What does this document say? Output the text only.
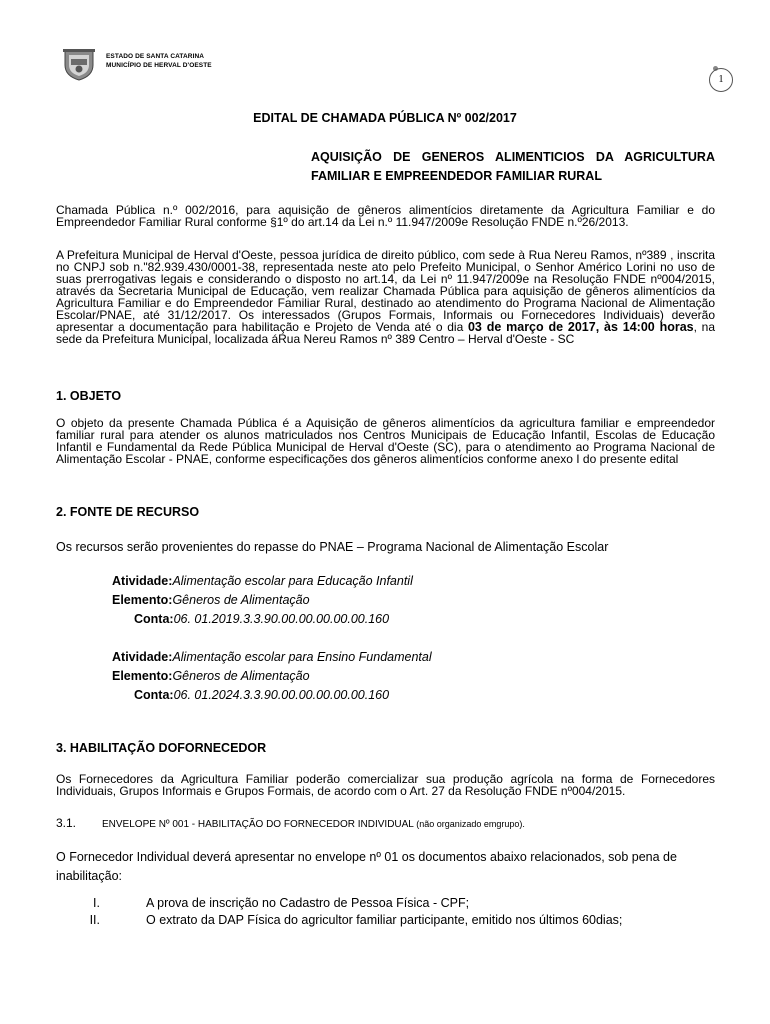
ESTADO DE SANTA CATARINA
MUNICÍPIO DE HERVAL D'OESTE
1
EDITAL DE CHAMADA PÚBLICA Nº 002/2017
AQUISIÇÃO DE GENEROS ALIMENTICIOS DA AGRICULTURA FAMILIAR E EMPREENDEDOR FAMILIAR RURAL
Chamada Pública n.º 002/2016, para aquisição de gêneros alimentícios diretamente da Agricultura Familiar e do Empreendedor Familiar Rural conforme §1º do art.14 da Lei n.º 11.947/2009e Resolução FNDE n.º26/2013.
A Prefeitura Municipal de Herval d'Oeste, pessoa jurídica de direito público, com sede à Rua Nereu Ramos, nº389 , inscrita no CNPJ sob n."82.939.430/0001-38, representada neste ato pelo Prefeito Municipal, o Senhor Américo Lorini no uso de suas prerrogativas legais e considerando o disposto no art.14, da Lei nº 11.947/2009e na Resolução FNDE nº004/2015, através da Secretaria Municipal de Educação, vem realizar Chamada Pública para aquisição de gêneros alimentícios da Agricultura Familiar e do Empreendedor Familiar Rural, destinado ao atendimento do Programa Nacional de Alimentação Escolar/PNAE, até 31/12/2017. Os interessados (Grupos Formais, Informais ou Fornecedores Individuais) deverão apresentar a documentação para habilitação e Projeto de Venda até o dia 03 de março de 2017, às 14:00 horas, na sede da Prefeitura Municipal, localizada áRua Nereu Ramos nº 389 Centro – Herval d'Oeste - SC
1. OBJETO
O objeto da presente Chamada Pública é a Aquisição de gêneros alimentícios da agricultura familiar e empreendedor familiar rural para atender os alunos matriculados nos Centros Municipais de Educação Infantil, Escolas de Educação Infantil e Fundamental da Rede Pública Municipal de Herval d'Oeste (SC), para o atendimento ao Programa Nacional de Alimentação Escolar - PNAE, conforme especificações dos gêneros alimentícios conforme anexo I do presente edital
2. FONTE DE RECURSO
Os recursos serão provenientes do repasse do PNAE – Programa Nacional de Alimentação Escolar
Atividade:Alimentação escolar para Educação Infantil
Elemento:Gêneros de Alimentação
Conta:06. 01.2019.3.3.90.00.00.00.00.00.160
Atividade:Alimentação escolar para Ensino Fundamental
Elemento:Gêneros de Alimentação
Conta:06. 01.2024.3.3.90.00.00.00.00.00.160
3. HABILITAÇÃO DOFORNECEDOR
Os Fornecedores da Agricultura Familiar poderão comercializar sua produção agrícola na forma de Fornecedores Individuais, Grupos Informais e Grupos Formais, de acordo com o Art. 27 da Resolução FNDE nº004/2015.
3.1.	ENVELOPE Nº 001 - HABILITAÇÃO DO FORNECEDOR INDIVIDUAL (não organizado emgrupo).
O Fornecedor Individual deverá apresentar no envelope nº 01 os documentos abaixo relacionados, sob pena de inabilitação:
I.	A prova de inscrição no Cadastro de Pessoa Física - CPF;
II.	O extrato da DAP Física do agricultor familiar participante, emitido nos últimos 60dias;
